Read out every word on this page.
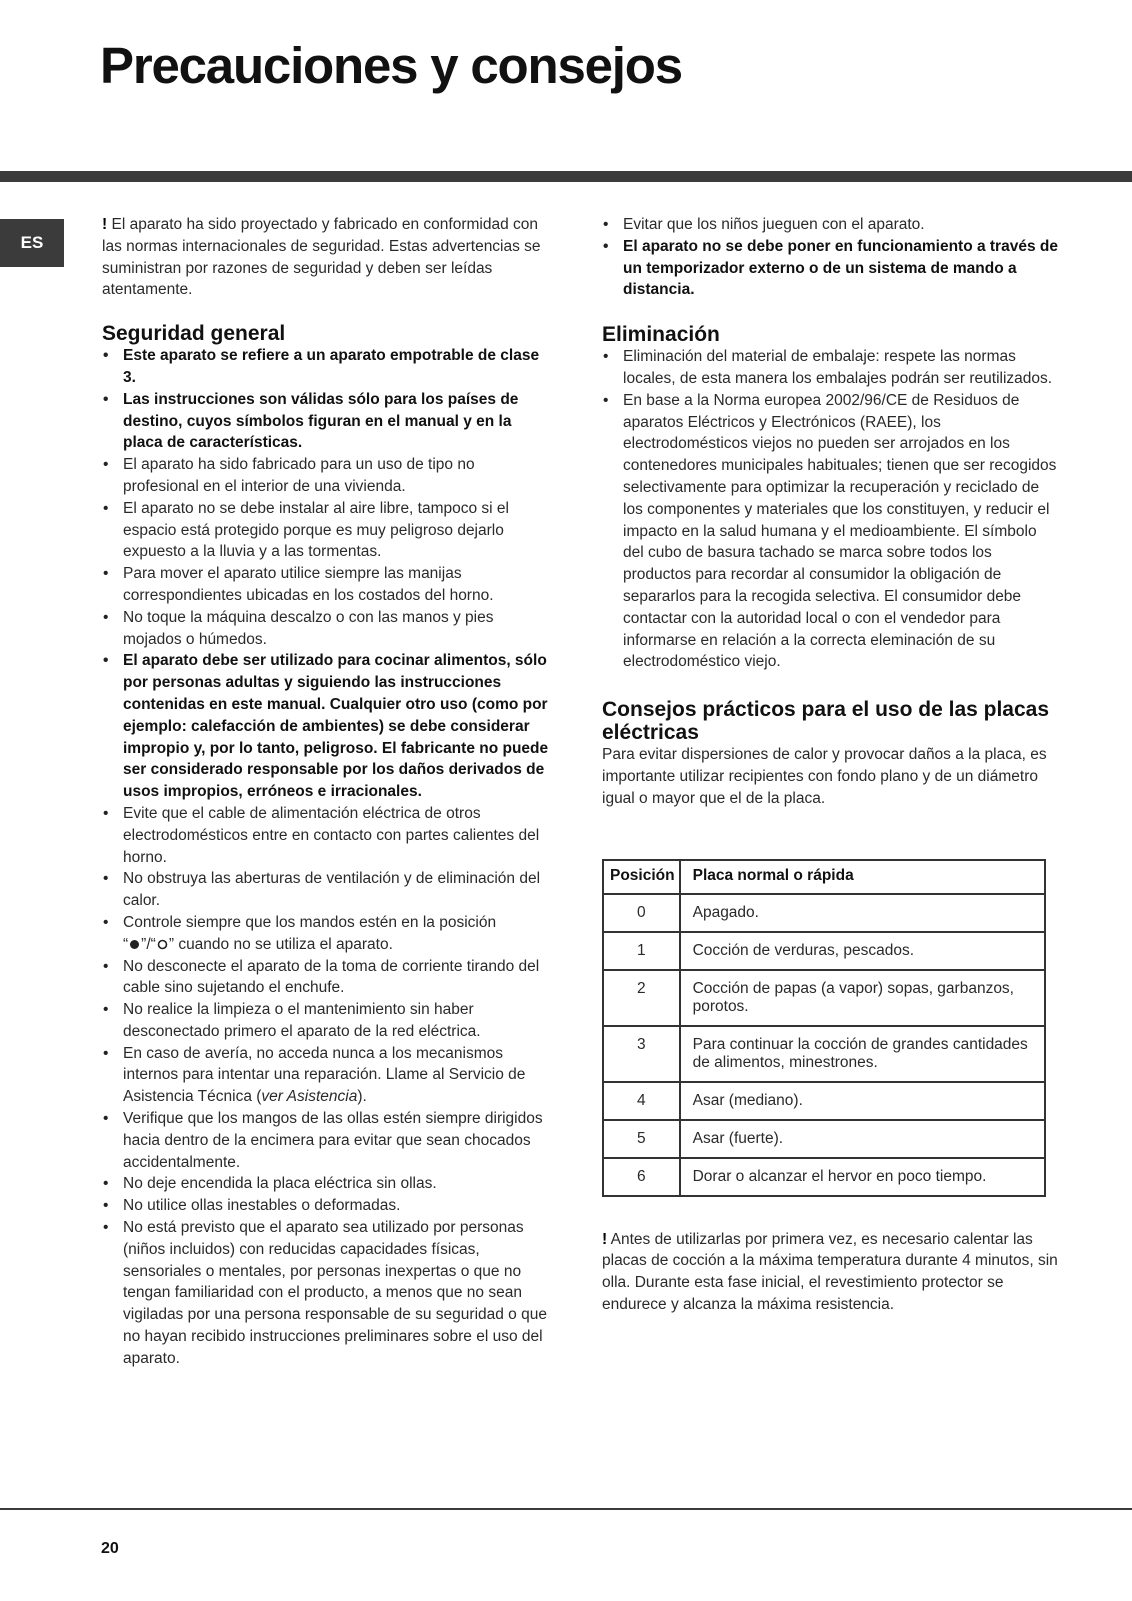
Precauciones y consejos
ES

! El aparato ha sido proyectado y fabricado en conformidad con las normas internacionales de seguridad. Estas advertencias se suministran por razones de seguridad y deben ser leídas atentamente.

Seguridad general
• Este aparato se refiere a un aparato empotrable de clase 3.
• Las instrucciones son válidas sólo para los países de destino, cuyos símbolos figuran en el manual y en la placa de características.
• El aparato ha sido fabricado para un uso de tipo no profesional en el interior de una vivienda.
• El aparato no se debe instalar al aire libre, tampoco si el espacio está protegido porque es muy peligroso dejarlo expuesto a la lluvia y a las tormentas.
• Para mover el aparato utilice siempre las manijas correspondientes ubicadas en los costados del horno.
• No toque la máquina descalzo o con las manos y pies mojados o húmedos.
• El aparato debe ser utilizado para cocinar alimentos, sólo por personas adultas y siguiendo las instrucciones contenidas en este manual. Cualquier otro uso (como por ejemplo: calefacción de ambientes) se debe considerar impropio y, por lo tanto, peligroso. El fabricante no puede ser considerado responsable por los daños derivados de usos impropios, erróneos e irracionales.
• Evite que el cable de alimentación eléctrica de otros electrodomésticos entre en contacto con partes calientes del horno.
• No obstruya las aberturas de ventilación y de eliminación del calor.
• Controle siempre que los mandos estén en la posición “ ”/“ ” cuando no se utiliza el aparato.
• No desconecte el aparato de la toma de corriente tirando del cable sino sujetando el enchufe.
• No realice la limpieza o el mantenimiento sin haber desconectado primero el aparato de la red eléctrica.
• En caso de avería, no acceda nunca a los mecanismos internos para intentar una reparación. Llame al Servicio de Asistencia Técnica (ver Asistencia).
• Verifique que los mangos de las ollas estén siempre dirigidos hacia dentro de la encimera para evitar que sean chocados accidentalmente.
• No deje encendida la placa eléctrica sin ollas.
• No utilice ollas inestables o deformadas.
• No está previsto que el aparato sea utilizado por personas (niños incluidos) con reducidas capacidades físicas, sensoriales o mentales, por personas inexpertas o que no tengan familiaridad con el producto, a menos que no sean vigiladas por una persona responsable de su seguridad o que no hayan recibido instrucciones preliminares sobre el uso del aparato.
• Evitar que los niños jueguen con el aparato.
• El aparato no se debe poner en funcionamiento a través de un temporizador externo o de un sistema de mando a distancia.
Eliminación
• Eliminación del material de embalaje: respete las normas locales, de esta manera los embalajes podrán ser reutilizados.
• En base a la Norma europea 2002/96/CE de Residuos de aparatos Eléctricos y Electrónicos (RAEE), los electrodomésticos viejos no pueden ser arrojados en los contenedores municipales habituales; tienen que ser recogidos selectivamente para optimizar la recuperación y reciclado de los componentes y materiales que los constituyen, y reducir el impacto en la salud humana y el medioambiente. El símbolo del cubo de basura tachado se marca sobre todos los productos para recordar al consumidor la obligación de separarlos para la recogida selectiva. El consumidor debe contactar con la autoridad local o con el vendedor para informarse en relación a la correcta eleminación de su electrodoméstico viejo.
Consejos prácticos para el uso de las placas eléctricas

Para evitar dispersiones de calor y provocar daños a la placa, es importante utilizar recipientes con fondo plano y de un diámetro igual o mayor que el de la placa.

Posición	Placa normal o rápida
0	Apagado.
1	Cocción de verduras, pescados.
2	Cocción de papas (a vapor) sopas, garbanzos, porotos.
3	Para continuar la cocción de grandes cantidades de alimentos, minestrones.
4	Asar (mediano).
5	Asar (fuerte).
6	Dorar o alcanzar el hervor en poco tiempo.

! Antes de utilizarlas por primera vez, es necesario calentar las placas de cocción a la máxima temperatura durante 4 minutos, sin olla. Durante esta fase inicial, el revestimiento protector se endurece y alcanza la máxima resistencia.

20
